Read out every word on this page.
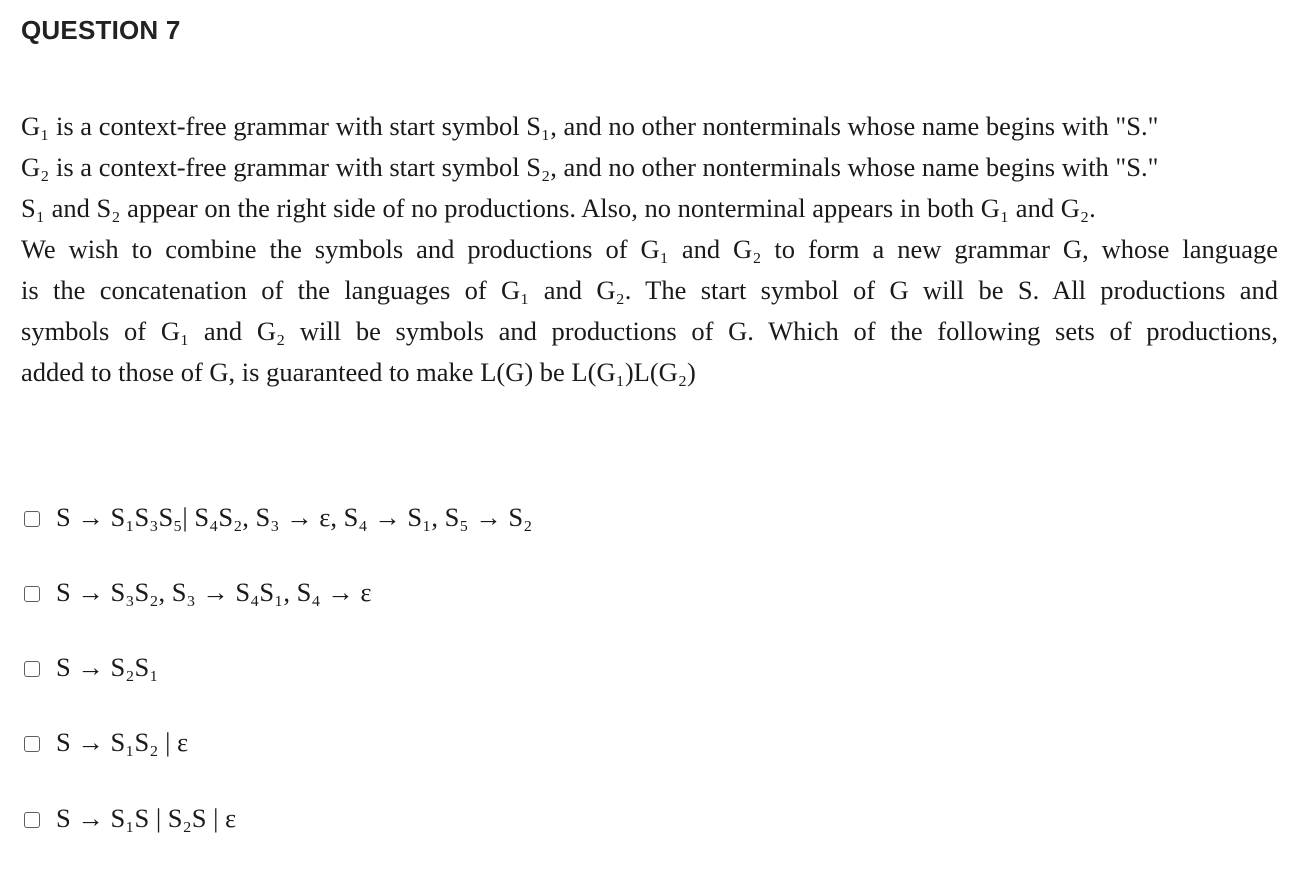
QUESTION 7
G₁ is a context-free grammar with start symbol S₁, and no other nonterminals whose name begins with "S."
G₂ is a context-free grammar with start symbol S₂, and no other nonterminals whose name begins with "S."
S₁ and S₂ appear on the right side of no productions. Also, no nonterminal appears in both G₁ and G₂.
We wish to combine the symbols and productions of G₁ and G₂ to form a new grammar G, whose language
is the concatenation of the languages of G₁ and G₂. The start symbol of G will be S. All productions and
symbols of G₁ and G₂ will be symbols and productions of G. Which of the following sets of productions,
added to those of G, is guaranteed to make L(G) be L(G₁)L(G₂)
S → S₁S₃S₅| S₄S₂, S₃ → ε, S₄ → S₁, S₅ → S₂
S → S₃S₂, S₃ → S₄S₁, S₄ → ε
S → S₂S₁
S → S₁S₂ | ε
S → S₁S | S₂S | ε
